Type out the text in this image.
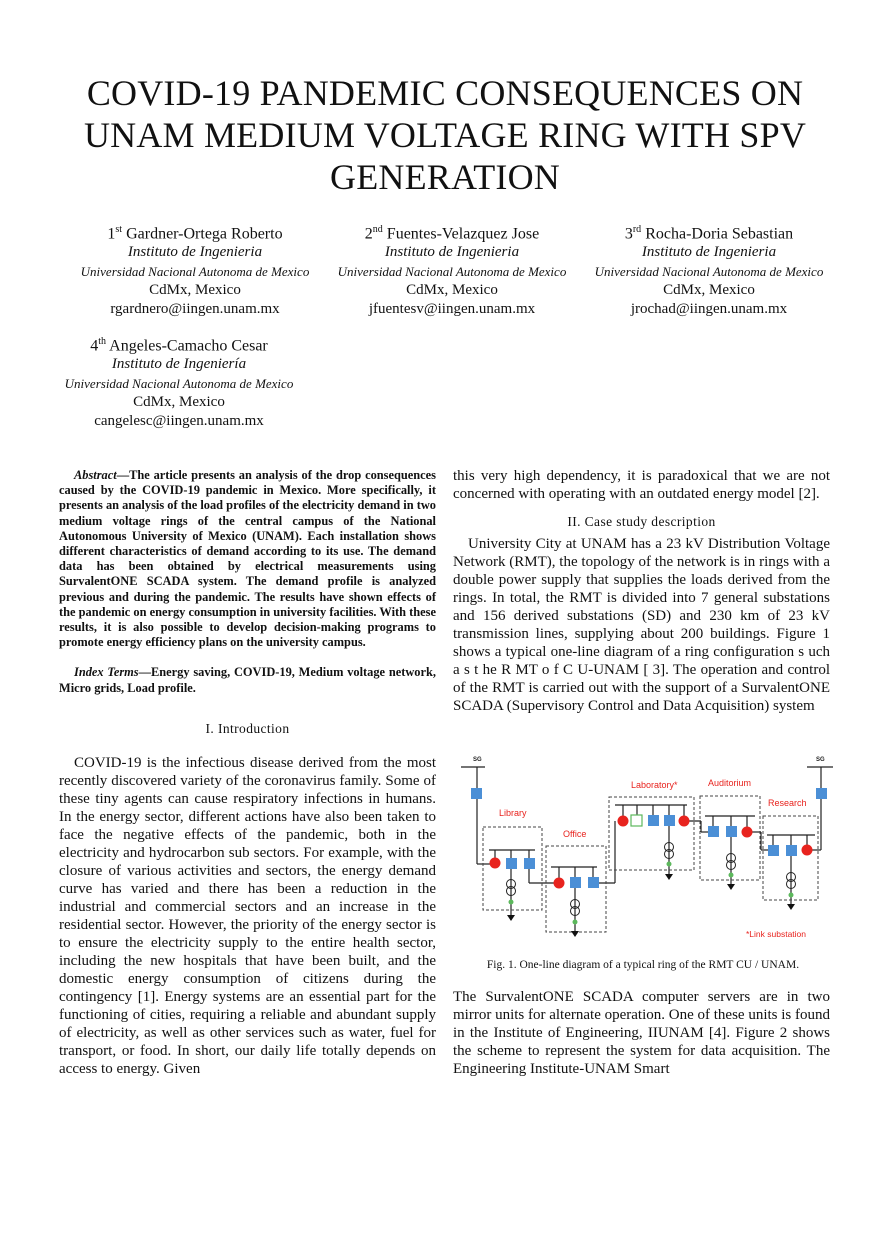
COVID-19 PANDEMIC CONSEQUENCES ON UNAM MEDIUM VOLTAGE RING WITH SPV GENERATION
1st Gardner-Ortega Roberto
Instituto de Ingenieria
Universidad Nacional Autonoma de Mexico
CdMx, Mexico
rgardnero@iingen.unam.mx
2nd Fuentes-Velazquez Jose
Instituto de Ingenieria
Universidad Nacional Autonoma de Mexico
CdMx, Mexico
jfuentesv@iingen.unam.mx
3rd Rocha-Doria Sebastian
Instituto de Ingenieria
Universidad Nacional Autonoma de Mexico
CdMx, Mexico
jrochad@iingen.unam.mx
4th Angeles-Camacho Cesar
Instituto de Ingeniería
Universidad Nacional Autonoma de Mexico
CdMx, Mexico
cangelesc@iingen.unam.mx

Abstract—The article presents an analysis of the drop consequences caused by the COVID-19 pandemic in Mexico. More specifically, it presents an analysis of the load profiles of the electricity demand in two medium voltage rings of the central campus of the National Autonomous University of Mexico (UNAM). Each installation shows different characteristics of demand according to its use. The demand data has been obtained by electrical measurements using SurvalentONE SCADA system. The demand profile is analyzed previous and during the pandemic. The results have shown effects of the pandemic on energy consumption in university facilities. With these results, it is also possible to develop decision-making programs to promote energy efficiency plans on the university campus.

Index Terms—Energy saving, COVID-19, Medium voltage network, Micro grids, Load profile.

I. Introduction

COVID-19 is the infectious disease derived from the most recently discovered variety of the coronavirus family. Some of these tiny agents can cause respiratory infections in humans. In the energy sector, different actions have also been taken to face the negative effects of the pandemic, both in the electricity and hydrocarbon sub sectors. For example, with the closure of various activities and sectors, the energy demand curve has varied and there has been a reduction in the industrial and commercial sectors and an increase in the residential sector. However, the priority of the energy sector is to ensure the electricity supply to the entire health sector, including the new hospitals that have been built, and the domestic energy consumption of citizens during the contingency [1]. Energy systems are an essential part for the functioning of cities, requiring a reliable and abundant supply of electricity, as well as other services such as water, fuel for transport, or food. In short, our daily life totally depends on access to energy. Given

this very high dependency, it is paradoxical that we are not concerned with operating with an outdated energy model [2].

II. Case study description

University City at UNAM has a 23 kV Distribution Voltage Network (RMT), the topology of the network is in rings with a double power supply that supplies the loads derived from the rings. In total, the RMT is divided into 7 general substations and 156 derived substations (SD) and 230 km of 23 kV transmission lines, supplying about 200 buildings. Figure 1 shows a typical one-line diagram of a ring configuration s uch a s t he R MT o f C U-UNAM [ 3]. The operation and control of the RMT is carried out with the support of a SurvalentONE SCADA (Supervisory Control and Data Acquisition) system

SG	SG
Library
Office
Laboratory*	Auditorium
Research
*Link substation
Fig. 1. One-line diagram of a typical ring of the RMT CU / UNAM.

The SurvalentONE SCADA computer servers are in two mirror units for alternate operation. One of these units is found in the Institute of Engineering, IIUNAM [4]. Figure 2 shows the scheme to represent the system for data acquisition. The Engineering Institute-UNAM Smart
